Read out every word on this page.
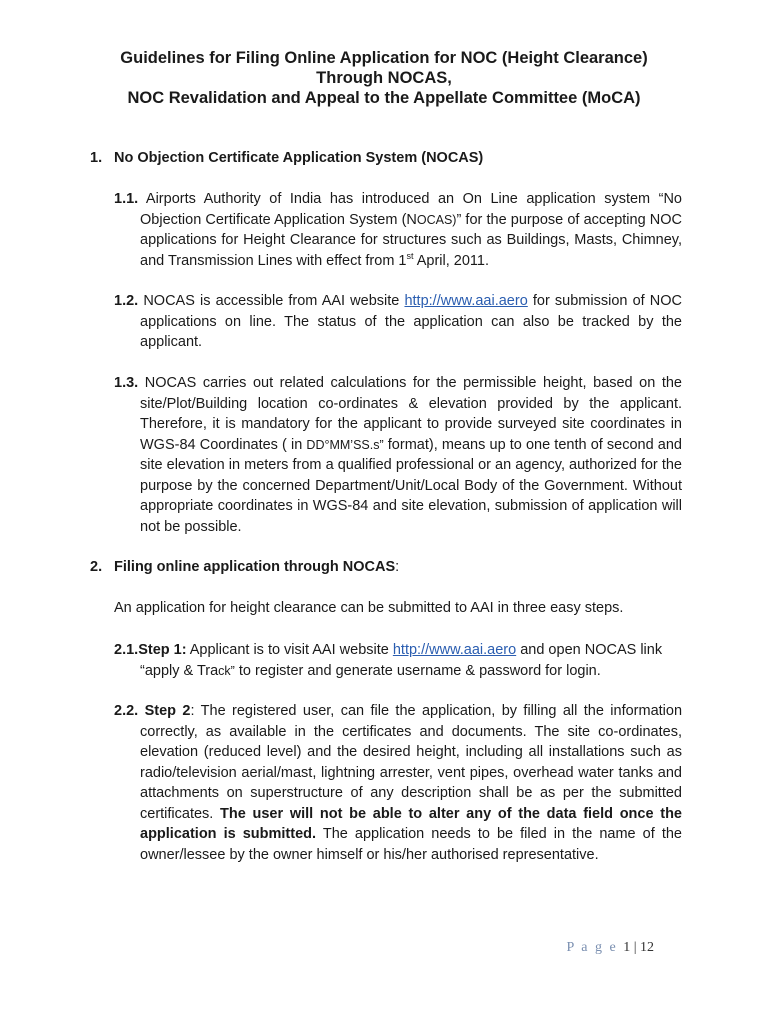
Guidelines for Filing Online Application for NOC (Height Clearance)
Through NOCAS,
NOC Revalidation and Appeal to the Appellate Committee (MoCA)
1. No Objection Certificate Application System (NOCAS)
1.1. Airports Authority of India has introduced an On Line application system “No Objection Certificate Application System (NOCAS)” for the purpose of accepting NOC applications for Height Clearance for structures such as Buildings, Masts, Chimney, and Transmission Lines with effect from 1st April, 2011.
1.2. NOCAS is accessible from AAI website http://www.aai.aero for submission of NOC applications on line. The status of the application can also be tracked by the applicant.
1.3. NOCAS carries out related calculations for the permissible height, based on the site/Plot/Building location co-ordinates & elevation provided by the applicant. Therefore, it is mandatory for the applicant to provide surveyed site coordinates in WGS-84 Coordinates ( in DD°MM’SS.s” format), means up to one tenth of second and site elevation in meters from a qualified professional or an agency, authorized for the purpose by the concerned Department/Unit/Local Body of the Government. Without appropriate coordinates in WGS-84 and site elevation, submission of application will not be possible.
2. Filing online application through NOCAS:
An application for height clearance can be submitted to AAI in three easy steps.
2.1.Step 1: Applicant is to visit AAI website http://www.aai.aero and open NOCAS link “apply & Track” to register and generate username & password for login.
2.2. Step 2: The registered user, can file the application, by filling all the information correctly, as available in the certificates and documents. The site co-ordinates, elevation (reduced level) and the desired height, including all installations such as radio/television aerial/mast, lightning arrester, vent pipes, overhead water tanks and attachments on superstructure of any description shall be as per the submitted certificates. The user will not be able to alter any of the data field once the application is submitted. The application needs to be filed in the name of the owner/lessee by the owner himself or his/her authorised representative.
P a g e 1 | 12
